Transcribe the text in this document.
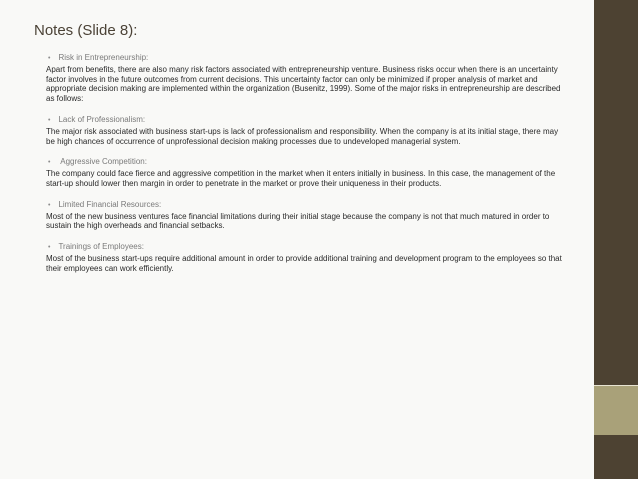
Notes (Slide 8):
• Risk in Entrepreneurship:
Apart from benefits, there are also many risk factors associated with entrepreneurship venture. Business risks occur when there is an uncertainty factor involves in the future outcomes from current decisions. This uncertainty factor can only be minimized if proper analysis of market and appropriate decision making are implemented within the organization (Busenitz, 1999). Some of the major risks in entrepreneurship are described as follows:
• Lack of Professionalism:
The major risk associated with business start-ups is lack of professionalism and responsibility. When the company is at its initial stage, there may be high chances of occurrence of unprofessional decision making processes due to undeveloped managerial system.
• Aggressive Competition:
The company could face fierce and aggressive competition in the market when it enters initially in business. In this case, the management of the start-up should lower then margin in order to penetrate in the market or prove their uniqueness in their products.
• Limited Financial Resources:
Most of the new business ventures face financial limitations during their initial stage because the company is not that much matured in order to sustain the high overheads and financial setbacks.
• Trainings of Employees:
Most of the business start-ups require additional amount in order to provide additional training and development program to the employees so that their employees can work efficiently.
